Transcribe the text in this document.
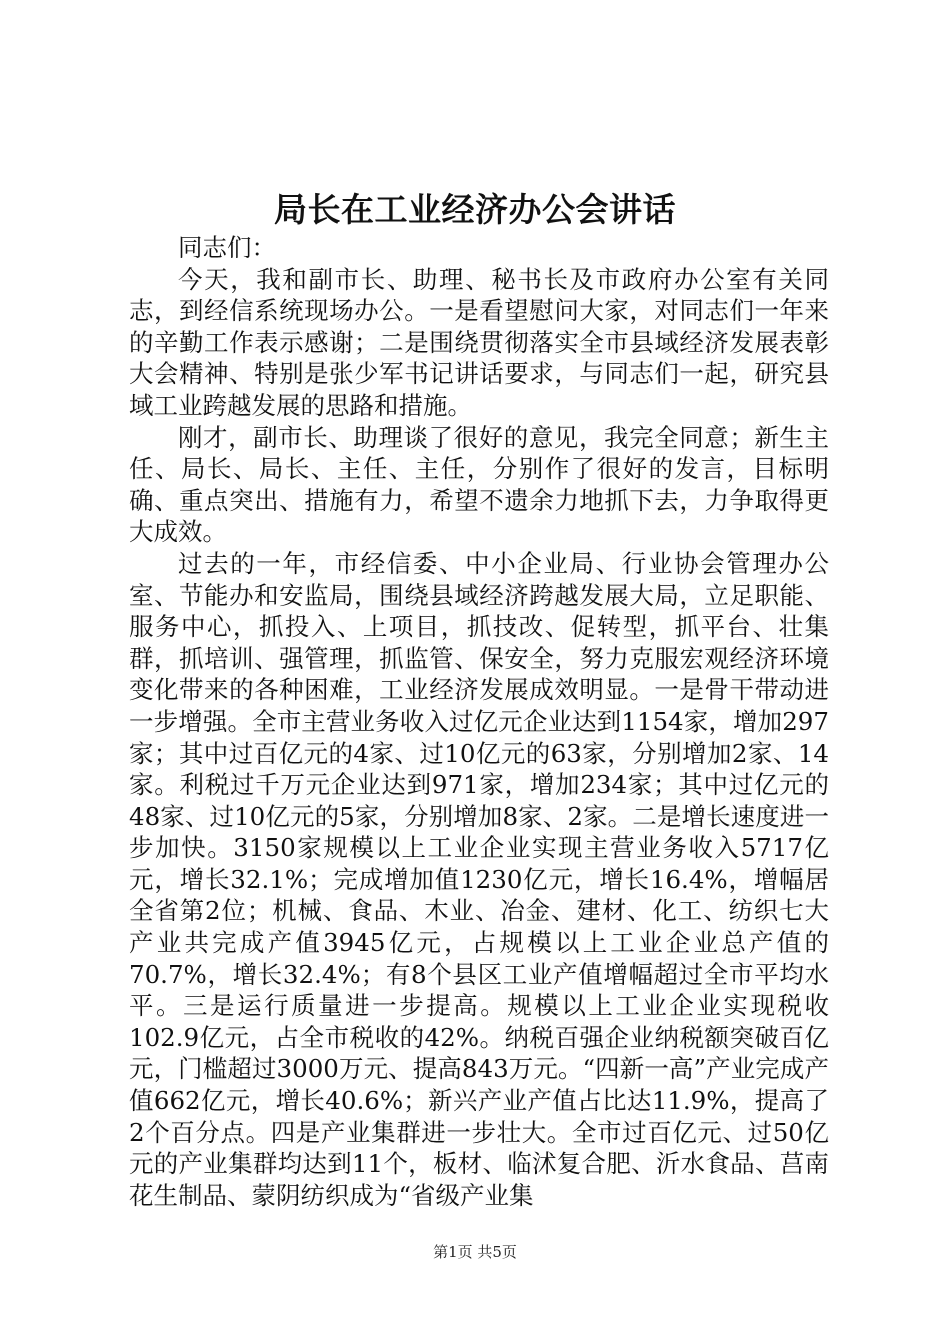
局长在工业经济办公会讲话

同志们：

今天，我和副市长、助理、秘书长及市政府办公室有关同志，到经信系统现场办公。一是看望慰问大家，对同志们一年来的辛勤工作表示感谢；二是围绕贯彻落实全市县域经济发展表彰大会精神、特别是张少军书记讲话要求，与同志们一起，研究县域工业跨越发展的思路和措施。

刚才，副市长、助理谈了很好的意见，我完全同意；新生主任、局长、局长、主任、主任，分别作了很好的发言，目标明确、重点突出、措施有力，希望不遗余力地抓下去，力争取得更大成效。

过去的一年，市经信委、中小企业局、行业协会管理办公室、节能办和安监局，围绕县域经济跨越发展大局，立足职能、服务中心，抓投入、上项目，抓技改、促转型，抓平台、壮集群，抓培训、强管理，抓监管、保安全，努力克服宏观经济环境变化带来的各种困难，工业经济发展成效明显。一是骨干带动进一步增强。全市主营业务收入过亿元企业达到1154家，增加297家；其中过百亿元的4家、过10亿元的63家，分别增加2家、14家。利税过千万元企业达到971家，增加234家；其中过亿元的48家、过10亿元的5家，分别增加8家、2家。二是增长速度进一步加快。3150家规模以上工业企业实现主营业务收入5717亿元，增长32.1%；完成增加值1230亿元，增长16.4%，增幅居全省第2位；机械、食品、木业、冶金、建材、化工、纺织七大产业共完成产值3945亿元，占规模以上工业企业总产值的70.7%，增长32.4%；有8个县区工业产值增幅超过全市平均水平。三是运行质量进一步提高。规模以上工业企业实现税收102.9亿元，占全市税收的42%。纳税百强企业纳税额突破百亿元，门槛超过3000万元、提高843万元。“四新一高”产业完成产值662亿元，增长40.6%；新兴产业产值占比达11.9%，提高了2个百分点。四是产业集群进一步壮大。全市过百亿元、过50亿元的产业集群均达到11个，板材、临沭复合肥、沂水食品、莒南花生制品、蒙阴纺织成为“省级产业集

第1页 共5页
